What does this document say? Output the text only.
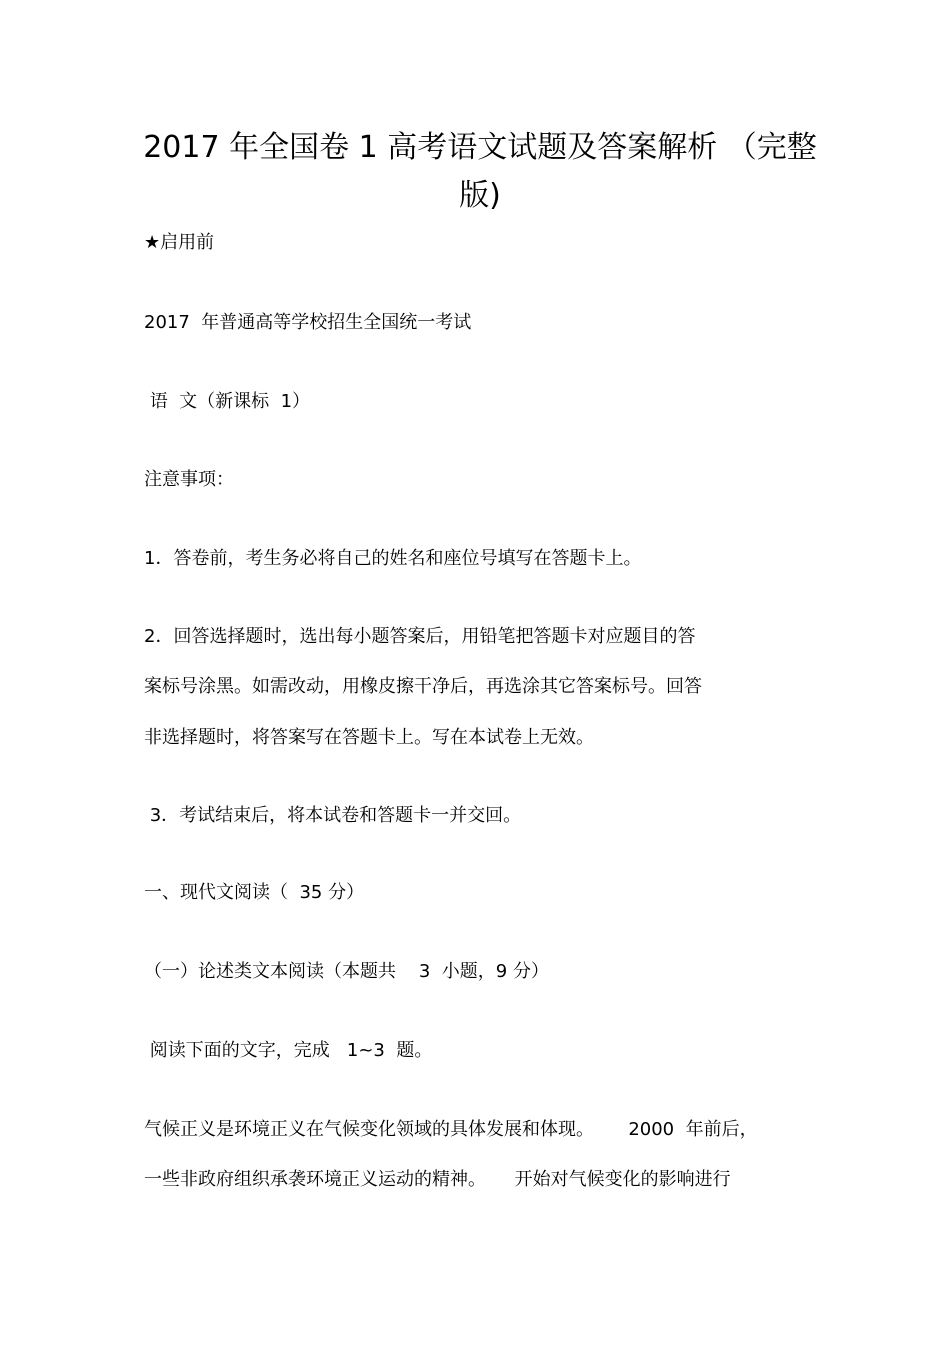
2017 年全国卷 1 高考语文试题及答案解析 （完整版)
★启用前
2017  年普通高等学校招生全国统一考试
语  文（新课标  1）
注意事项：
1．答卷前，考生务必将自己的姓名和座位号填写在答题卡上。
2．回答选择题时，选出每小题答案后，用铅笔把答题卡对应题目的答
案标号涂黑。如需改动，用橡皮擦干净后，再选涂其它答案标号。回答
非选择题时，将答案写在答题卡上。写在本试卷上无效。
3．考试结束后，将本试卷和答题卡一并交回。
一、现代文阅读（  35 分）
（一）论述类文本阅读（本题共    3  小题，9 分）
阅读下面的文字，完成   1~3  题。
气候正义是环境正义在气候变化领域的具体发展和体现。      2000  年前后，
一些非政府组织承袭环境正义运动的精神。     开始对气候变化的影响进行
